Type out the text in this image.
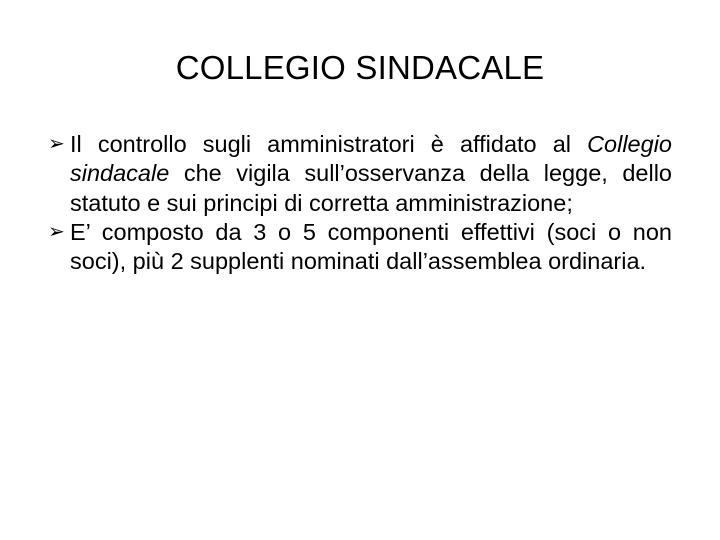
COLLEGIO SINDACALE
➢ Il controllo sugli amministratori è affidato al Collegio sindacale che vigila sull’osservanza della legge, dello statuto e sui principi di corretta amministrazione;
➢ E’ composto da 3 o 5 componenti effettivi (soci o non soci), più 2 supplenti nominati dall’assemblea ordinaria.
